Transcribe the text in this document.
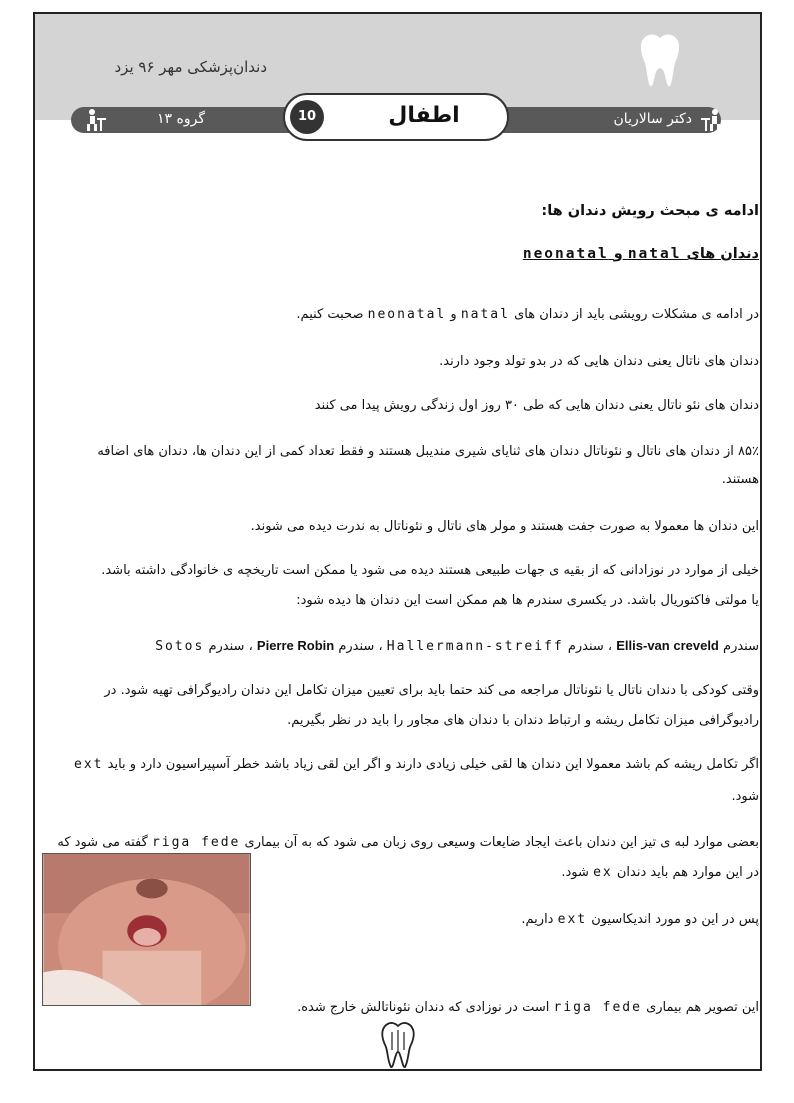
دندان‌پزشکی مهر ۹۶ یزد
گروه ۱۳	دکتر سالاریان
10	اطفال

ادامه ی مبحث رویش دندان ها:

دندان های natal و neonatal

در ادامه ی مشکلات رویشی باید از دندان های natal و neonatal صحبت کنیم.

دندان های ناتال یعنی دندان هایی که در بدو تولد وجود دارند.

دندان های نئو ناتال یعنی دندان هایی که طی ۳۰ روز اول زندگی رویش پیدا می کنند

۸۵٪ از دندان های ناتال و نئوناتال دندان های ثنایای شیری مندیبل هستند و فقط تعداد کمی از این دندان ها، دندان های اضافه

هستند.

این دندان ها معمولا به صورت جفت هستند و مولر های ناتال و نئوناتال به ندرت دیده می شوند.

خیلی از موارد در نوزادانی که از بقیه ی جهات طبیعی هستند دیده می شود یا ممکن است تاریخچه ی خانوادگی داشته باشد.

یا مولتی فاکتوریال باشد. در یکسری سندرم ها هم ممکن است این دندان ها دیده شود:

سندرم Ellis-van creveld ، سندرم Hallermann-streiff ، سندرم Pierre Robin ، سندرم Sotos

وقتی کودکی با دندان ناتال یا نئوناتال مراجعه می کند حتما باید برای تعیین میزان تکامل این دندان رادیوگرافی تهیه شود. در

رادیوگرافی میزان تکامل ریشه و ارتباط دندان با دندان های مجاور را باید در نظر بگیریم.

اگر تکامل ریشه کم باشد معمولا این دندان ها لقی خیلی زیادی دارند و اگر این لقی زیاد باشد خطر آسپیراسیون دارد و باید ext

شود.

بعضی موارد لبه ی تیز این دندان باعث ایجاد ضایعات وسیعی روی زبان می شود که به آن بیماری riga fede گفته می شود که

در این موارد هم باید دندان ex شود.

پس در این دو مورد اندیکاسیون ext داریم.

این تصویر هم بیماری riga fede است در نوزادی که دندان نئوناتالش خارج شده.
